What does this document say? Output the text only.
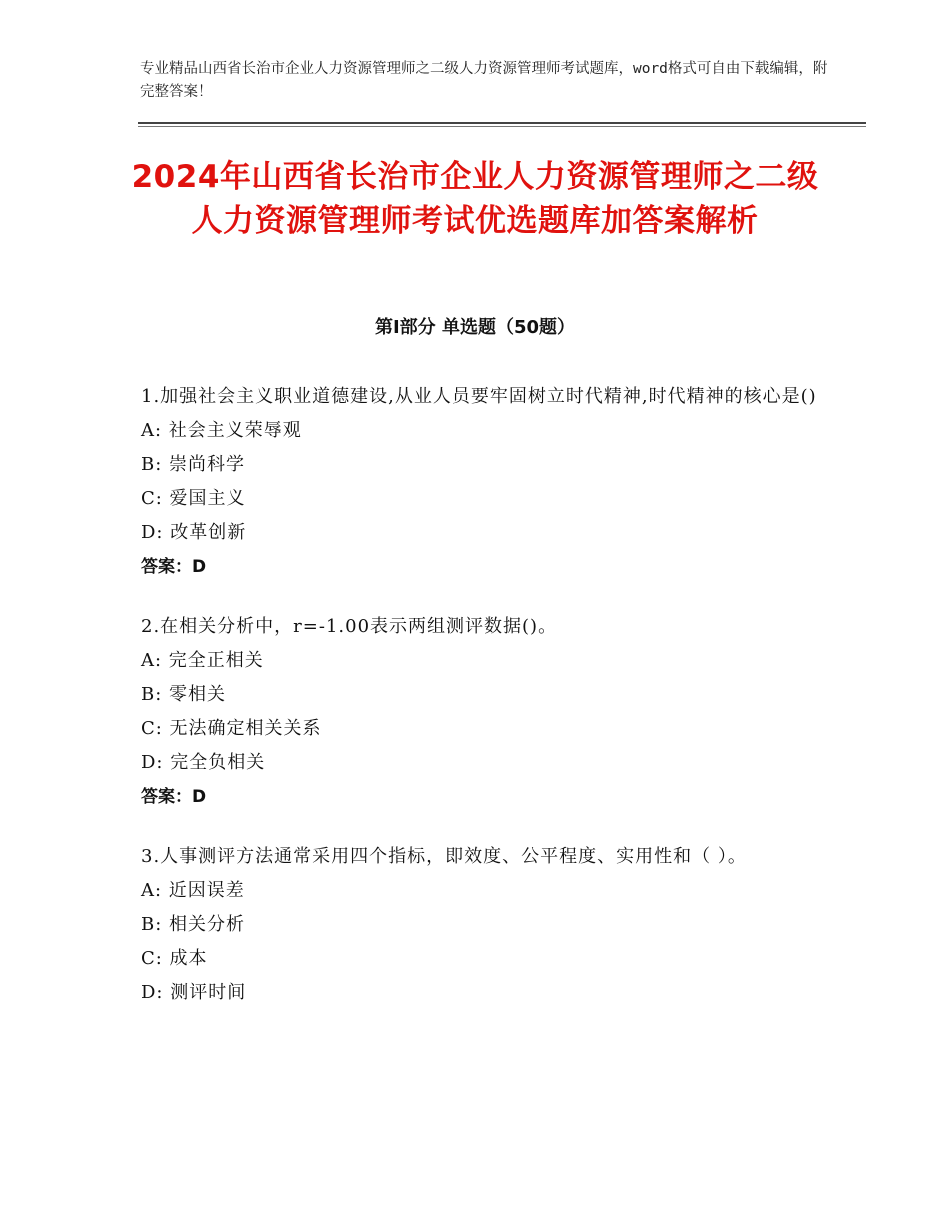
专业精品山西省长治市企业人力资源管理师之二级人力资源管理师考试题库，word格式可自由下载编辑，附完整答案！
2024年山西省长治市企业人力资源管理师之二级人力资源管理师考试优选题库加答案解析
第Ⅰ部分 单选题（50题）

1.加强社会主义职业道德建设,从业人员要牢固树立时代精神,时代精神的核心是()

A: 社会主义荣辱观

B: 崇尚科学

C: 爱国主义

D: 改革创新

答案：D

2.在相关分析中，r=-1.00表示两组测评数据()。

A: 完全正相关

B: 零相关

C: 无法确定相关关系

D: 完全负相关

答案：D

3.人事测评方法通常采用四个指标，即效度、公平程度、实用性和（ ）。

A: 近因误差

B: 相关分析

C: 成本

D: 测评时间
